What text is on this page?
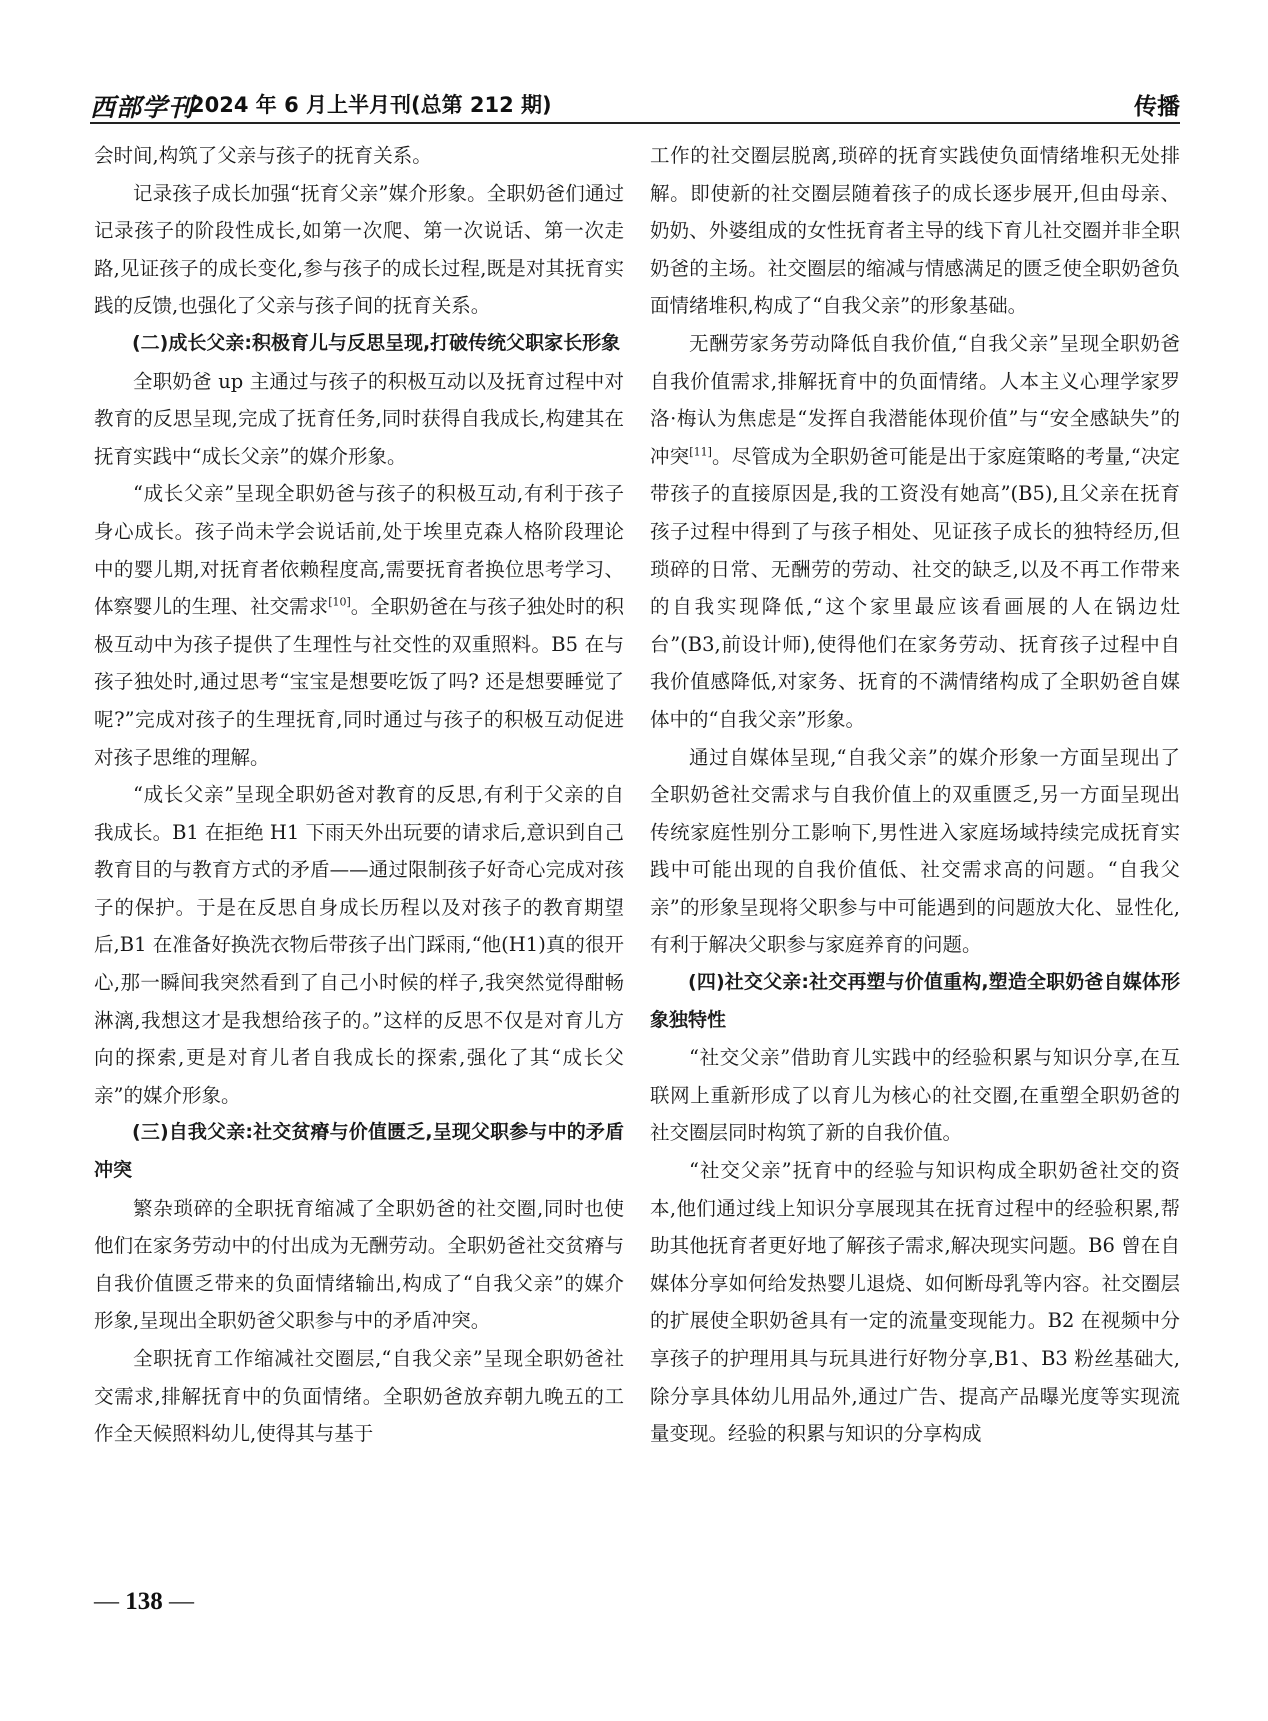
西部学刊
2024 年 6 月上半月刊(总第 212 期)	传播

会时间,构筑了父亲与孩子的抚育关系。

记录孩子成长加强“抚育父亲”媒介形象。全职奶爸们通过记录孩子的阶段性成长,如第一次爬、第一次说话、第一次走路,见证孩子的成长变化,参与孩子的成长过程,既是对其抚育实践的反馈,也强化了父亲与孩子间的抚育关系。

(二)成长父亲:积极育儿与反思呈现,打破传统父职家长形象

全职奶爸 up 主通过与孩子的积极互动以及抚育过程中对教育的反思呈现,完成了抚育任务,同时获得自我成长,构建其在抚育实践中“成长父亲”的媒介形象。

“成长父亲”呈现全职奶爸与孩子的积极互动,有利于孩子身心成长。孩子尚未学会说话前,处于埃里克森人格阶段理论中的婴儿期,对抚育者依赖程度高,需要抚育者换位思考学习、体察婴儿的生理、社交需求[10]。全职奶爸在与孩子独处时的积极互动中为孩子提供了生理性与社交性的双重照料。B5 在与孩子独处时,通过思考“宝宝是想要吃饭了吗? 还是想要睡觉了呢?”完成对孩子的生理抚育,同时通过与孩子的积极互动促进对孩子思维的理解。

“成长父亲”呈现全职奶爸对教育的反思,有利于父亲的自我成长。B1 在拒绝 H1 下雨天外出玩要的请求后,意识到自己教育目的与教育方式的矛盾——通过限制孩子好奇心完成对孩子的保护。于是在反思自身成长历程以及对孩子的教育期望后,B1 在准备好换洗衣物后带孩子出门踩雨,“他(H1)真的很开心,那一瞬间我突然看到了自己小时候的样子,我突然觉得酣畅淋漓,我想这才是我想给孩子的。”这样的反思不仅是对育儿方向的探索,更是对育儿者自我成长的探索,强化了其“成长父亲”的媒介形象。

(三)自我父亲:社交贫瘠与价值匮乏,呈现父职参与中的矛盾冲突

繁杂琐碎的全职抚育缩减了全职奶爸的社交圈,同时也使他们在家务劳动中的付出成为无酬劳动。全职奶爸社交贫瘠与自我价值匮乏带来的负面情绪输出,构成了“自我父亲”的媒介形象,呈现出全职奶爸父职参与中的矛盾冲突。

全职抚育工作缩减社交圈层,“自我父亲”呈现全职奶爸社交需求,排解抚育中的负面情绪。全职奶爸放弃朝九晚五的工作全天候照料幼儿,使得其与基于

工作的社交圈层脱离,琐碎的抚育实践使负面情绪堆积无处排解。即使新的社交圈层随着孩子的成长逐步展开,但由母亲、奶奶、外婆组成的女性抚育者主导的线下育儿社交圈并非全职奶爸的主场。社交圈层的缩减与情感满足的匮乏使全职奶爸负面情绪堆积,构成了“自我父亲”的形象基础。

无酬劳家务劳动降低自我价值,“自我父亲”呈现全职奶爸自我价值需求,排解抚育中的负面情绪。人本主义心理学家罗洛·梅认为焦虑是“发挥自我潜能体现价值”与“安全感缺失”的冲突[11]。尽管成为全职奶爸可能是出于家庭策略的考量,“决定带孩子的直接原因是,我的工资没有她高”(B5),且父亲在抚育孩子过程中得到了与孩子相处、见证孩子成长的独特经历,但琐碎的日常、无酬劳的劳动、社交的缺乏,以及不再工作带来的自我实现降低,“这个家里最应该看画展的人在锅边灶台”(B3,前设计师),使得他们在家务劳动、抚育孩子过程中自我价值感降低,对家务、抚育的不满情绪构成了全职奶爸自媒体中的“自我父亲”形象。

通过自媒体呈现,“自我父亲”的媒介形象一方面呈现出了全职奶爸社交需求与自我价值上的双重匮乏,另一方面呈现出传统家庭性别分工影响下,男性进入家庭场域持续完成抚育实践中可能出现的自我价值低、社交需求高的问题。“自我父亲”的形象呈现将父职参与中可能遇到的问题放大化、显性化,有利于解决父职参与家庭养育的问题。

(四)社交父亲:社交再塑与价值重构,塑造全职奶爸自媒体形象独特性

“社交父亲”借助育儿实践中的经验积累与知识分享,在互联网上重新形成了以育儿为核心的社交圈,在重塑全职奶爸的社交圈层同时构筑了新的自我价值。

“社交父亲”抚育中的经验与知识构成全职奶爸社交的资本,他们通过线上知识分享展现其在抚育过程中的经验积累,帮助其他抚育者更好地了解孩子需求,解决现实问题。B6 曾在自媒体分享如何给发热婴儿退烧、如何断母乳等内容。社交圈层的扩展使全职奶爸具有一定的流量变现能力。B2 在视频中分享孩子的护理用具与玩具进行好物分享,B1、B3 粉丝基础大,除分享具体幼儿用品外,通过广告、提高产品曝光度等实现流量变现。经验的积累与知识的分享构成

— 138 —
